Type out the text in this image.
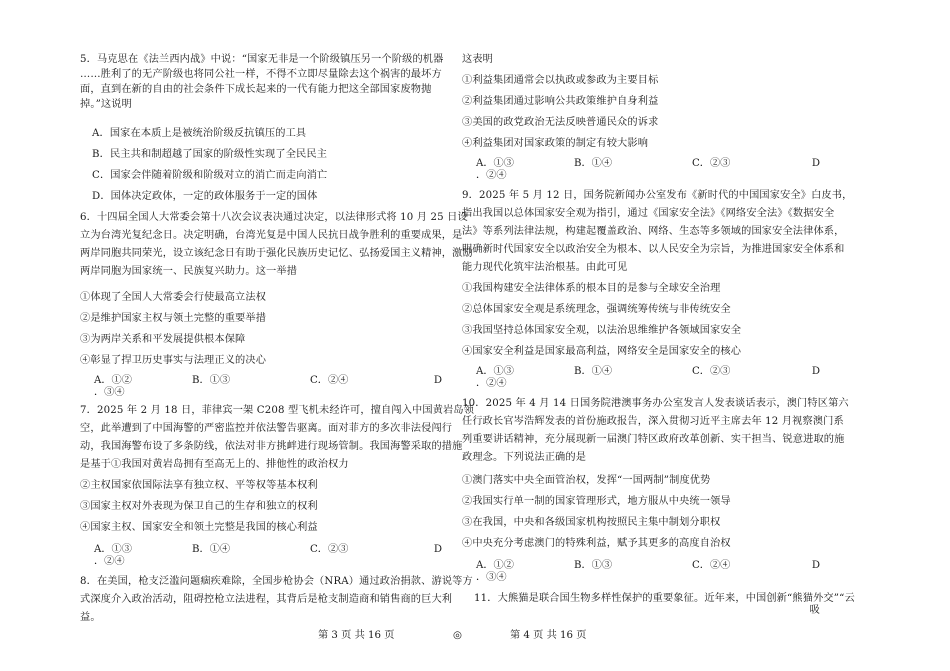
5．马克思在《法兰西内战》中说：“国家无非是一个阶级镇压另一个阶级的机器
……胜利了的无产阶级也将同公社一样，不得不立即尽量除去这个祸害的最坏方
面，直到在新的自由的社会条件下成长起来的一代有能力把这全部国家废物抛
掉。”这说明
A．国家在本质上是被统治阶级反抗镇压的工具
B．民主共和制超越了国家的阶级性实现了全民民主
C．国家会伴随着阶级和阶级对立的消亡而走向消亡
D．国体决定政体，一定的政体服务于一定的国体
6．十四届全国人大常委会第十八次会议表决通过决定，以法律形式将 10 月 25 日设
立为台湾光复纪念日。决定明确，台湾光复是中国人民抗日战争胜利的重要成果，是
两岸同胞共同荣光，设立该纪念日有助于强化民族历史记忆、弘扬爱国主义精神，激励
两岸同胞为国家统一、民族复兴助力。这一举措
①体现了全国人大常委会行使最高立法权
②是维护国家主权与领土完整的重要举措
③为两岸关系和平发展提供根本保障
④彰显了捍卫历史事实与法理正义的决心
A．①②	B．①③	C．②④	D
．③④
7．2025 年 2 月 18 日，菲律宾一架 C208 型飞机未经许可，擅自闯入中国黄岩岛领
空，此举遭到了中国海警的严密监控并依法警告驱离。面对菲方的多次非法侵闯行
动，我国海警布设了多条防线，依法对非方挑衅进行现场管制。我国海警采取的措施
是基于①我国对黄岩岛拥有至高无上的、排他性的政治权力
②主权国家依国际法享有独立权、平等权等基本权利
③国家主权对外表现为保卫自己的生存和独立的权利
④国家主权、国家安全和领土完整是我国的核心利益
A．①③	B．①④	C．②③	D
．②④
8．在美国，枪支泛滥问题痼疾难除，全国步枪协会（NRA）通过政治捐款、游说等方
式深度介入政治活动，阻碍控枪立法进程，其背后是枪支制造商和销售商的巨大利
益。
这表明
①利益集团通常会以执政或参政为主要目标
②利益集团通过影响公共政策维护自身利益
③美国的政党政治无法反映普通民众的诉求
④利益集团对国家政策的制定有较大影响
A．①③	B．①④	C．②③	D
．②④
9．2025 年 5 月 12 日，国务院新闻办公室发布《新时代的中国国家安全》白皮书，
指出我国以总体国家安全观为指引，通过《国家安全法》《网络安全法》《数据安全
法》等系列法律法规，构建起覆盖政治、网络、生态等多领域的国家安全法律体系，
明确新时代国家安全以政治安全为根本、以人民安全为宗旨，为推进国家安全体系和
能力现代化筑牢法治根基。由此可见
①我国构建安全法律体系的根本目的是参与全球安全治理
②总体国家安全观是系统理念，强调统筹传统与非传统安全
③我国坚持总体国家安全观，以法治思维维护各领域国家安全
④国家安全利益是国家最高利益，网络安全是国家安全的核心
A．①③	B．①④	C．②③	D
．②④
10．2025 年 4 月 14 日国务院港澳事务办公室发言人发表谈话表示，澳门特区第六
任行政长官岑浩辉发表的首份施政报告，深入贯彻习近平主席去年 12 月视察澳门系
列重要讲话精神，充分展现新一届澳门特区政府改革创新、实干担当、锐意进取的施
政理念。下列说法正确的是
①澳门落实中央全面管治权，发挥“一国两制”制度优势
②我国实行单一制的国家管理形式，地方服从中央统一领导
③在我国，中央和各级国家机构按照民主集中制划分职权
④中央充分考虑澳门的特殊利益，赋予其更多的高度自治权
A．①②	B．①③	C．②④	D
．③④
11．大熊猫是联合国生物多样性保护的重要象征。近年来，中国创新“熊猫外交”“云
吸
第 3 页 共 16 页	◎	第 4 页 共 16 页
